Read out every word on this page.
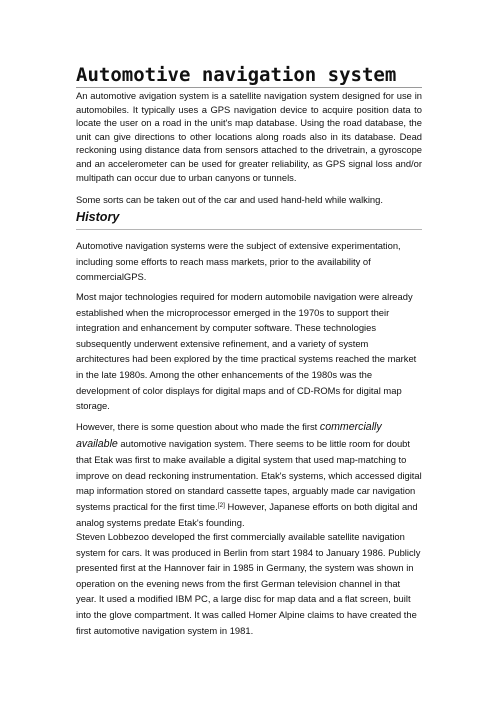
Automotive navigation system

An automotive avigation system is a satellite navigation system designed for use in automobiles. It typically uses a GPS navigation device to acquire position data to locate the user on a road in the unit's map database. Using the road database, the unit can give directions to other locations along roads also in its database. Dead reckoning using distance data from sensors attached to the drivetrain, a gyroscope and an accelerometer can be used for greater reliability, as GPS signal loss and/or multipath can occur due to urban canyons or tunnels.

Some sorts can be taken out of the car and used hand-held while walking.

History

Automotive navigation systems were the subject of extensive experimentation, including some efforts to reach mass markets, prior to the availability of commercialGPS.

Most major technologies required for modern automobile navigation were already established when the microprocessor emerged in the 1970s to support their integration and enhancement by computer software. These technologies subsequently underwent extensive refinement, and a variety of system architectures had been explored by the time practical systems reached the market in the late 1980s. Among the other enhancements of the 1980s was the development of color displays for digital maps and of CD-ROMs for digital map storage.

However, there is some question about who made the first commercially available automotive navigation system. There seems to be little room for doubt that Etak was first to make available a digital system that used map-matching to improve on dead reckoning instrumentation. Etak's systems, which accessed digital map information stored on standard cassette tapes, arguably made car navigation systems practical for the first time.[2] However, Japanese efforts on both digital and analog systems predate Etak's founding.

Steven Lobbezoo developed the first commercially available satellite navigation system for cars. It was produced in Berlin from start 1984 to January 1986. Publicly presented first at the Hannover fair in 1985 in Germany, the system was shown in operation on the evening news from the first German television channel in that year. It used a modified IBM PC, a large disc for map data and a flat screen, built into the glove compartment. It was called Homer Alpine claims to have created the first automotive navigation system in 1981.
